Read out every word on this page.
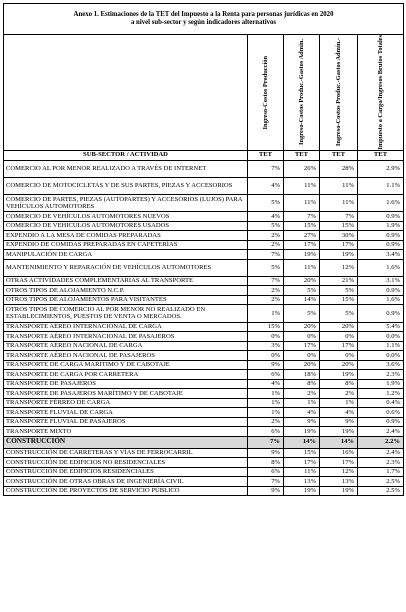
Anexo 1. Estimaciones de la TET del Impuesto a la Renta para personas jurídicas en 2020
a nivel sub-sector y según indicadores alternativos				

	Ingreso-Costos Producción	Ingreso-Costos Produc.-Gastos Admin.	Ingreso-Costos Produc.-Gastos Admin.-	Impuesto a Cargo/Ingresos Brutos Totales

SUB-SECTOR / ACTIVIDAD	TET	TET	TET	TET
COMERCIO AL POR MENOR REALIZADO A TRAVÉS DE INTERNET	7%	26%	28%	2.9%
COMERCIO DE MOTOCICLETAS Y DE SUS PARTES, PIEZAS Y ACCESORIOS	4%	11%	11%	1.1%
COMERCIO DE PARTES, PIEZAS (AUTOPARTES) Y ACCESORIOS (LUJOS) PARA VEHÍCULOS AUTOMOTORES	5%	11%	11%	1.6%
COMERCIO DE VEHÍCULOS AUTOMOTORES NUEVOS	4%	7%	7%	0.9%
COMERCIO DE VEHÍCULOS AUTOMOTORES USADOS	5%	15%	15%	1.9%
EXPENDIO A LA MESA DE COMIDAS PREPARADAS	2%	27%	30%	0.9%
EXPENDIO DE COMIDAS PREPARADAS EN CAFETERÍAS	2%	17%	17%	0.9%
MANIPULACIÓN DE CARGA	7%	19%	19%	3.4%
MANTENIMIENTO Y REPARACIÓN DE VEHÍCULOS AUTOMOTORES	5%	11%	12%	1.6%
OTRAS ACTIVIDADES COMPLEMENTARIAS AL TRANSPORTE	7%	20%	21%	3.1%
OTROS TIPOS DE ALOJAMIENTO N.C.P.	2%	5%	5%	0.9%
OTROS TIPOS DE ALOJAMIENTOS PARA VISITANTES	2%	14%	15%	1.6%
OTROS TIPOS DE COMERCIO AL POR MENOR NO REALIZADO EN ESTABLECIMIENTOS, PUESTOS DE VENTA O MERCADOS.	1%	5%	5%	0.9%
TRANSPORTE AÉREO INTERNACIONAL DE CARGA	15%	20%	20%	5.4%
TRANSPORTE AÉREO INTERNACIONAL DE PASAJEROS	0%	0%	0%	0.0%
TRANSPORTE AÉREO NACIONAL DE CARGA	3%	17%	17%	1.1%
TRANSPORTE AÉREO NACIONAL DE PASAJEROS	0%	0%	0%	0.0%
TRANSPORTE DE CARGA MARÍTIMO Y DE CABOTAJE	9%	20%	20%	3.6%
TRANSPORTE DE CARGA POR CARRETERA	6%	18%	19%	2.3%
TRANSPORTE DE PASAJEROS	4%	8%	8%	1.9%
TRANSPORTE DE PASAJEROS MARÍTIMO Y DE CABOTAJE	1%	2%	2%	1.2%
TRANSPORTE FÉRREO DE CARGA	1%	1%	1%	0.4%
TRANSPORTE FLUVIAL DE CARGA	1%	4%	4%	0.6%
TRANSPORTE FLUVIAL DE PASAJEROS	2%	9%	9%	0.9%
TRANSPORTE MIXTO	6%	19%	19%	2.4%
CONSTRUCCIÓN	7%	14%	14%	2.2%
CONSTRUCCIÓN DE CARRETERAS Y VÍAS DE FERROCARRIL	9%	15%	16%	2.4%
CONSTRUCCIÓN DE EDIFICIOS NO RESIDENCIALES	8%	17%	17%	2.3%
CONSTRUCCIÓN DE EDIFICIOS RESIDENCIALES	6%	11%	12%	1.7%
CONSTRUCCIÓN DE OTRAS OBRAS DE INGENIERÍA CIVIL	7%	13%	13%	2.5%
CONSTRUCCIÓN DE PROYECTOS DE SERVICIO PÚBLICO	9%	19%	19%	2.5%
